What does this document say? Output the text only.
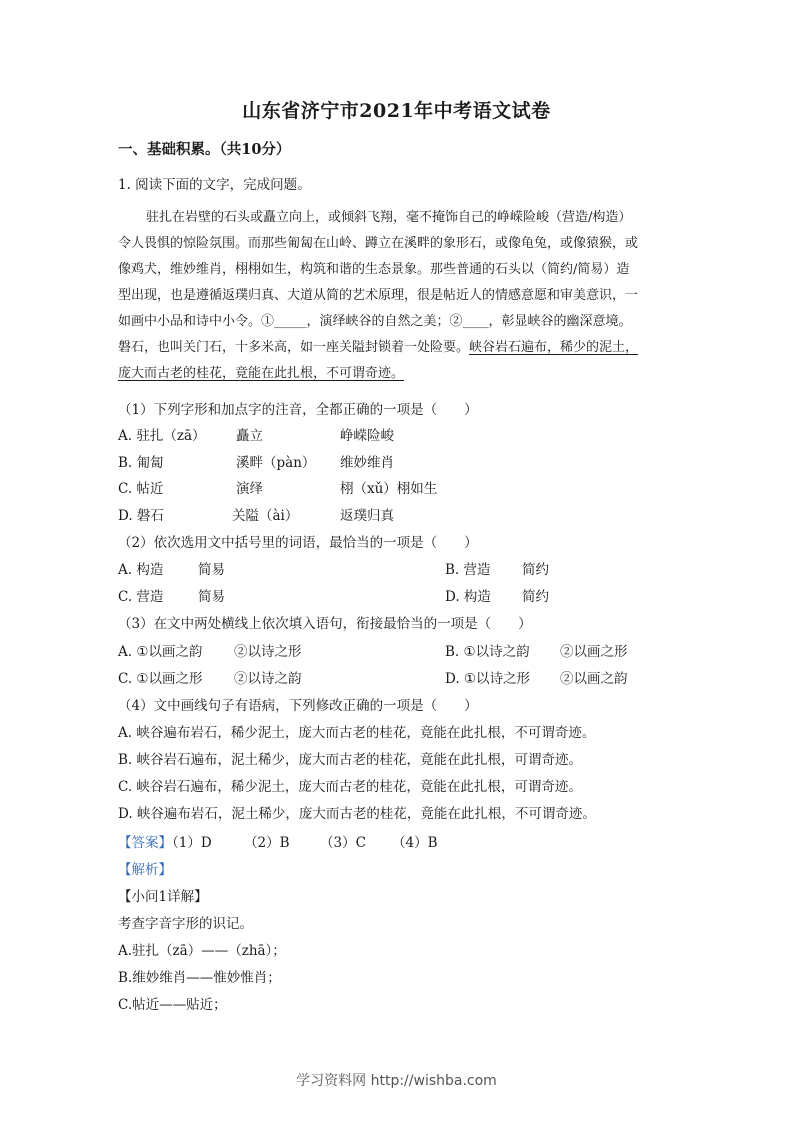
山东省济宁市2021年中考语文试卷
一、基础积累。（共10分）
1. 阅读下面的文字，完成问题。
驻扎在岩壁的石头或矗立向上，或倾斜飞翔，毫不掩饰自己的峥嵘险峻（营造/构造）
令人畏惧的惊险氛围。而那些匍匐在山岭、蹲立在溪畔的象形石，或像龟兔，或像猿猴，或
像鸡犬，维妙维肖，栩栩如生，构筑和谐的生态景象。那些普通的石头以（简约/简易）造
型出现，也是遵循返璞归真、大道从简的艺术原理，很是帖近人的情感意愿和审美意识，一
如画中小品和诗中小令。①_____，演绎峡谷的自然之美；②____，彰显峡谷的幽深意境。
磐石，也叫关门石，十多米高，如一座关隘封锁着一处险要。峡谷岩石遍布，稀少的泥土，
庞大而古老的桂花，竟能在此扎根，不可谓奇迹。
（1）下列字形和加点字的注音，全都正确的一项是（　　）
A. 驻扎（zā） 矗立	峥嵘险峻
B. 匍匐	溪畔（pàn） 维妙维肖
C. 帖近	演绎	栩（xǔ）栩如生
D. 磐石	关隘（ài）	返璞归真
（2）依次选用文中括号里的词语，最恰当的一项是（　　）
A. 构造	简易	B. 营造 简约
C. 营造	简易	D. 构造 简约
（3）在文中两处横线上依次填入语句，衔接最恰当的一项是（　　）
A. ①以画之韵 ②以诗之形	B. ①以诗之韵 ②以画之形
C. ①以画之形 ②以诗之韵	D. ①以诗之形 ②以画之韵
（4）文中画线句子有语病，下列修改正确的一项是（　　）
A. 峡谷遍布岩石，稀少泥土，庞大而古老的桂花，竟能在此扎根，不可谓奇迹。
B. 峡谷岩石遍布，泥土稀少，庞大而古老的桂花，竟能在此扎根，可谓奇迹。
C. 峡谷岩石遍布，稀少泥土，庞大而古老的桂花，竟能在此扎根，可谓奇迹。
D. 峡谷遍布岩石，泥土稀少，庞大而古老的桂花，竟能在此扎根，不可谓奇迹。
【答案】（1）D （2）B （3）C （4）B
【解析】
【小问1详解】
考查字音字形的识记。
A.驻扎（zā）——（zhā）；
B.维妙维肖——惟妙惟肖；
C.帖近——贴近；
学习资料网 http://wishba.com
